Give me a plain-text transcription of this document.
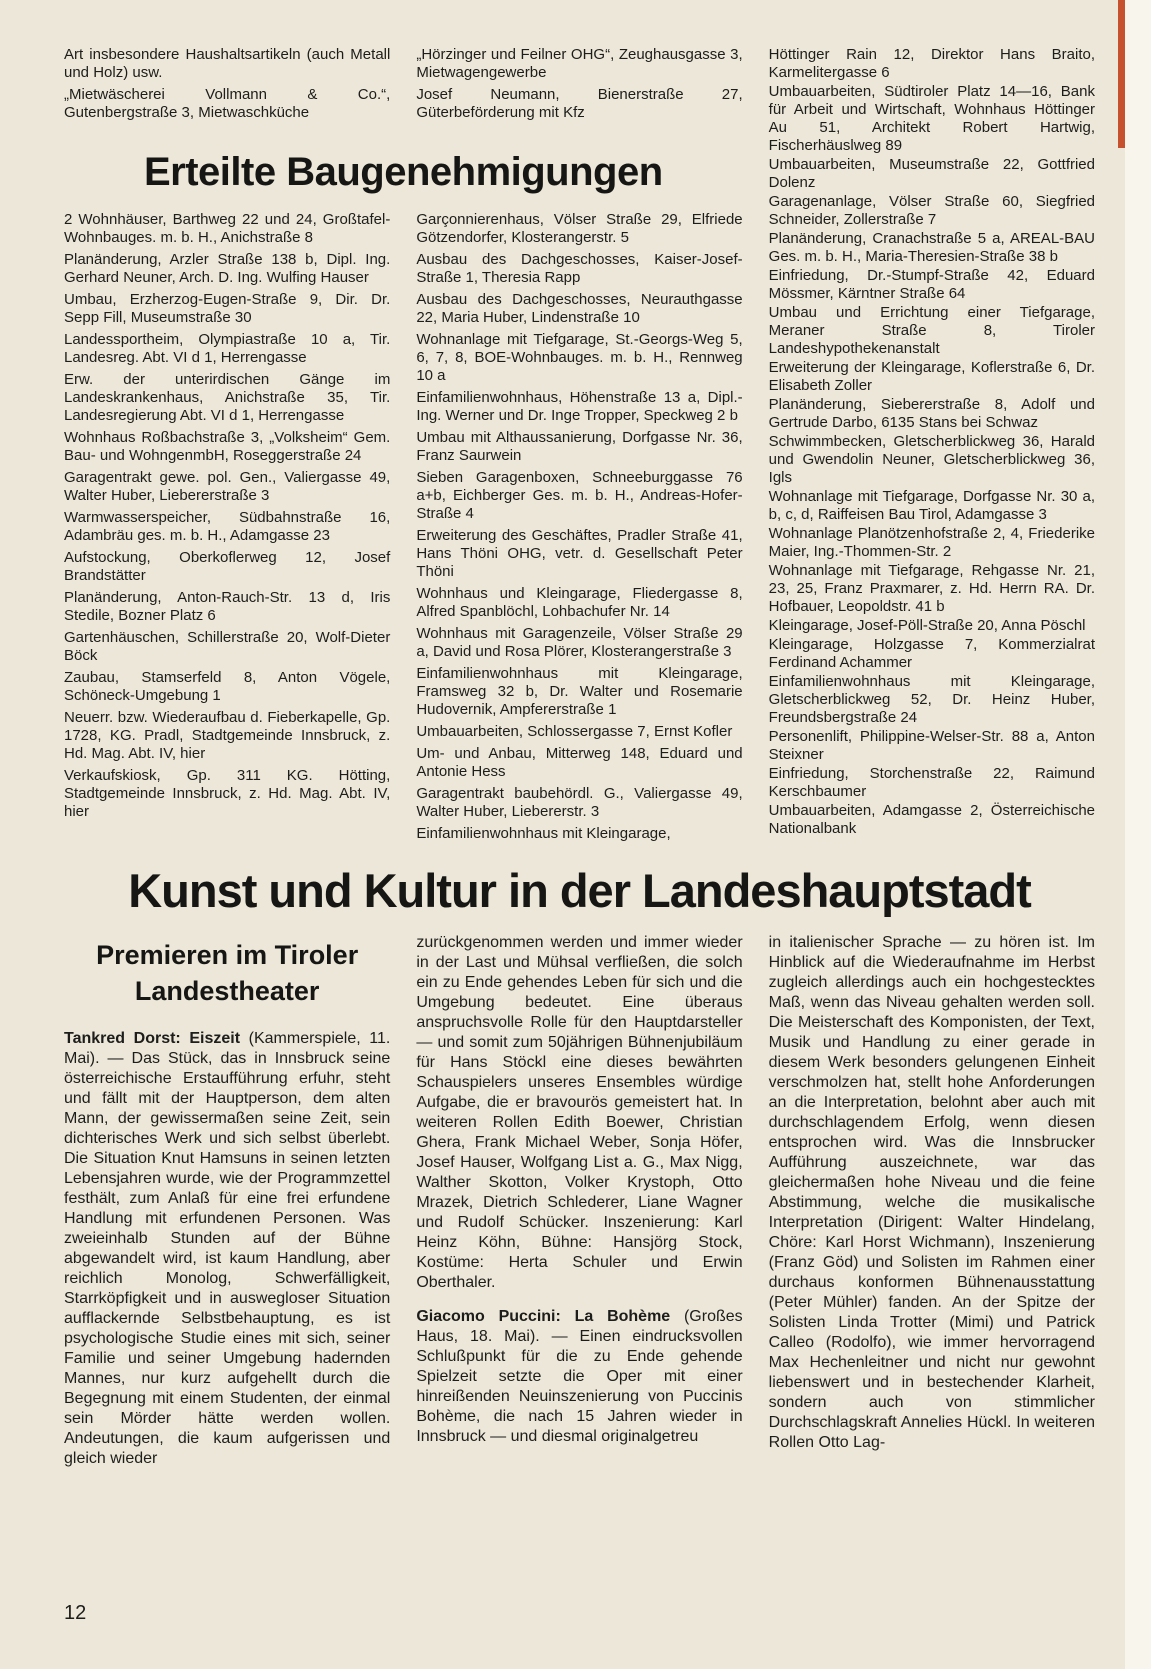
Art insbesondere Haushaltsartikeln (auch Metall und Holz) usw.

„Mietwäscherei Vollmann & Co.“, Gutenbergstraße 3, Mietwaschküche

„Hörzinger und Feilner OHG“, Zeughausgasse 3, Mietwagengewerbe

Josef Neumann, Bienerstraße 27, Güterbeförderung mit Kfz

Höttinger Rain 12, Direktor Hans Braito, Karmelitergasse 6

Umbauarbeiten, Südtiroler Platz 14—16, Bank für Arbeit und Wirtschaft, Wohnhaus Höttinger Au 51, Architekt Robert Hartwig, Fischerhäuslweg 89

Umbauarbeiten, Museumstraße 22, Gottfried Dolenz

Garagenanlage, Völser Straße 60, Siegfried Schneider, Zollerstraße 7

Planänderung, Cranachstraße 5 a, AREAL-BAU Ges. m. b. H., Maria-Theresien-Straße 38 b

Einfriedung, Dr.-Stumpf-Straße 42, Eduard Mössmer, Kärntner Straße 64

Umbau und Errichtung einer Tiefgarage, Meraner Straße 8, Tiroler Landeshypothekenanstalt

Erweiterung der Kleingarage, Koflerstraße 6, Dr. Elisabeth Zoller

Planänderung, Siebererstraße 8, Adolf und Gertrude Darbo, 6135 Stans bei Schwaz

Schwimmbecken, Gletscherblickweg 36, Harald und Gwendolin Neuner, Gletscherblickweg 36, Igls

Wohnanlage mit Tiefgarage, Dorfgasse Nr. 30 a, b, c, d, Raiffeisen Bau Tirol, Adamgasse 3

Wohnanlage Planötzenhofstraße 2, 4, Friederike Maier, Ing.-Thommen-Str. 2

Wohnanlage mit Tiefgarage, Rehgasse Nr. 21, 23, 25, Franz Praxmarer, z. Hd. Herrn RA. Dr. Hofbauer, Leopoldstr. 41 b

Kleingarage, Josef-Pöll-Straße 20, Anna Pöschl

Kleingarage, Holzgasse 7, Kommerzialrat Ferdinand Achammer

Einfamilienwohnhaus mit Kleingarage, Gletscherblickweg 52, Dr. Heinz Huber, Freundsbergstraße 24

Personenlift, Philippine-Welser-Str. 88 a, Anton Steixner

Einfriedung, Storchenstraße 22, Raimund Kerschbaumer

Umbauarbeiten, Adamgasse 2, Österreichische Nationalbank

Erteilte Baugenehmigungen

2 Wohnhäuser, Barthweg 22 und 24, Großtafel-Wohnbauges. m. b. H., Anichstraße 8

Planänderung, Arzler Straße 138 b, Dipl. Ing. Gerhard Neuner, Arch. D. Ing. Wulfing Hauser

Umbau, Erzherzog-Eugen-Straße 9, Dir. Dr. Sepp Fill, Museumstraße 30

Landessportheim, Olympiastraße 10 a, Tir. Landesreg. Abt. VI d 1, Herrengasse

Erw. der unterirdischen Gänge im Landeskrankenhaus, Anichstraße 35, Tir. Landesregierung Abt. VI d 1, Herrengasse

Wohnhaus Roßbachstraße 3, „Volksheim“ Gem. Bau- und WohngenmbH, Roseggerstraße 24

Garagentrakt gewe. pol. Gen., Valiergasse 49, Walter Huber, Liebererstraße 3

Warmwasserspeicher, Südbahnstraße 16, Adambräu ges. m. b. H., Adamgasse 23

Aufstockung, Oberkoflerweg 12, Josef Brandstätter

Planänderung, Anton-Rauch-Str. 13 d, Iris Stedile, Bozner Platz 6

Gartenhäuschen, Schillerstraße 20, Wolf-Dieter Böck

Zaubau, Stamserfeld 8, Anton Vögele, Schöneck-Umgebung 1

Neuerr. bzw. Wiederaufbau d. Fieberkapelle, Gp. 1728, KG. Pradl, Stadtgemeinde Innsbruck, z. Hd. Mag. Abt. IV, hier

Verkaufskiosk, Gp. 311 KG. Hötting, Stadtgemeinde Innsbruck, z. Hd. Mag. Abt. IV, hier

Garçonnierenhaus, Völser Straße 29, Elfriede Götzendorfer, Klosterangerstr. 5

Ausbau des Dachgeschosses, Kaiser-Josef-Straße 1, Theresia Rapp

Ausbau des Dachgeschosses, Neurauthgasse 22, Maria Huber, Lindenstraße 10

Wohnanlage mit Tiefgarage, St.-Georgs-Weg 5, 6, 7, 8, BOE-Wohnbauges. m. b. H., Rennweg 10 a

Einfamilienwohnhaus, Höhenstraße 13 a, Dipl.-Ing. Werner und Dr. Inge Tropper, Speckweg 2 b

Umbau mit Althaussanierung, Dorfgasse Nr. 36, Franz Saurwein

Sieben Garagenboxen, Schneeburggasse 76 a+b, Eichberger Ges. m. b. H., Andreas-Hofer-Straße 4

Erweiterung des Geschäftes, Pradler Straße 41, Hans Thöni OHG, vetr. d. Gesellschaft Peter Thöni

Wohnhaus und Kleingarage, Fliedergasse 8, Alfred Spanblöchl, Lohbachufer Nr. 14

Wohnhaus mit Garagenzeile, Völser Straße 29 a, David und Rosa Plörer, Klosterangerstraße 3

Einfamilienwohnhaus mit Kleingarage, Framsweg 32 b, Dr. Walter und Rosemarie Hudovernik, Ampfererstraße 1

Umbauarbeiten, Schlossergasse 7, Ernst Kofler

Um- und Anbau, Mitterweg 148, Eduard und Antonie Hess

Garagentrakt baubehördl. G., Valiergasse 49, Walter Huber, Liebererstr. 3

Einfamilienwohnhaus mit Kleingarage,

Kunst und Kultur in der Landeshauptstadt
Premieren im Tiroler Landestheater

Tankred Dorst: Eiszeit (Kammerspiele, 11. Mai). — Das Stück, das in Innsbruck seine österreichische Erstaufführung erfuhr, steht und fällt mit der Hauptperson, dem alten Mann, der gewissermaßen seine Zeit, sein dichterisches Werk und sich selbst überlebt. Die Situation Knut Hamsuns in seinen letzten Lebensjahren wurde, wie der Programmzettel festhält, zum Anlaß für eine frei erfundene Handlung mit erfundenen Personen. Was zweieinhalb Stunden auf der Bühne abgewandelt wird, ist kaum Handlung, aber reichlich Monolog, Schwerfälligkeit, Starrköpfigkeit und in auswegloser Situation aufflackernde Selbstbehauptung, es ist psychologische Studie eines mit sich, seiner Familie und seiner Umgebung hadernden Mannes, nur kurz aufgehellt durch die Begegnung mit einem Studenten, der einmal sein Mörder hätte werden wollen. Andeutungen, die kaum aufgerissen und gleich wieder

zurückgenommen werden und immer wieder in der Last und Mühsal verfließen, die solch ein zu Ende gehendes Leben für sich und die Umgebung bedeutet. Eine überaus anspruchsvolle Rolle für den Hauptdarsteller — und somit zum 50jährigen Bühnenjubiläum für Hans Stöckl eine dieses bewährten Schauspielers unseres Ensembles würdige Aufgabe, die er bravourös gemeistert hat. In weiteren Rollen Edith Boewer, Christian Ghera, Frank Michael Weber, Sonja Höfer, Josef Hauser, Wolfgang List a. G., Max Nigg, Walther Skotton, Volker Krystoph, Otto Mrazek, Dietrich Schlederer, Liane Wagner und Rudolf Schücker. Inszenierung: Karl Heinz Köhn, Bühne: Hansjörg Stock, Kostüme: Herta Schuler und Erwin Oberthaler.

Giacomo Puccini: La Bohème (Großes Haus, 18. Mai). — Einen eindrucksvollen Schlußpunkt für die zu Ende gehende Spielzeit setzte die Oper mit einer hinreißenden Neuinszenierung von Puccinis Bohème, die nach 15 Jahren wieder in Innsbruck — und diesmal originalgetreu

in italienischer Sprache — zu hören ist. Im Hinblick auf die Wiederaufnahme im Herbst zugleich allerdings auch ein hochgestecktes Maß, wenn das Niveau gehalten werden soll. Die Meisterschaft des Komponisten, der Text, Musik und Handlung zu einer gerade in diesem Werk besonders gelungenen Einheit verschmolzen hat, stellt hohe Anforderungen an die Interpretation, belohnt aber auch mit durchschlagendem Erfolg, wenn diesen entsprochen wird. Was die Innsbrucker Aufführung auszeichnete, war das gleichermaßen hohe Niveau und die feine Abstimmung, welche die musikalische Interpretation (Dirigent: Walter Hindelang, Chöre: Karl Horst Wichmann), Inszenierung (Franz Göd) und Solisten im Rahmen einer durchaus konformen Bühnenausstattung (Peter Mühler) fanden. An der Spitze der Solisten Linda Trotter (Mimi) und Patrick Calleo (Rodolfo), wie immer hervorragend Max Hechenleitner und nicht nur gewohnt liebenswert und in bestechender Klarheit, sondern auch von stimmlicher Durchschlagskraft Annelies Hückl. In weiteren Rollen Otto Lag-

12
